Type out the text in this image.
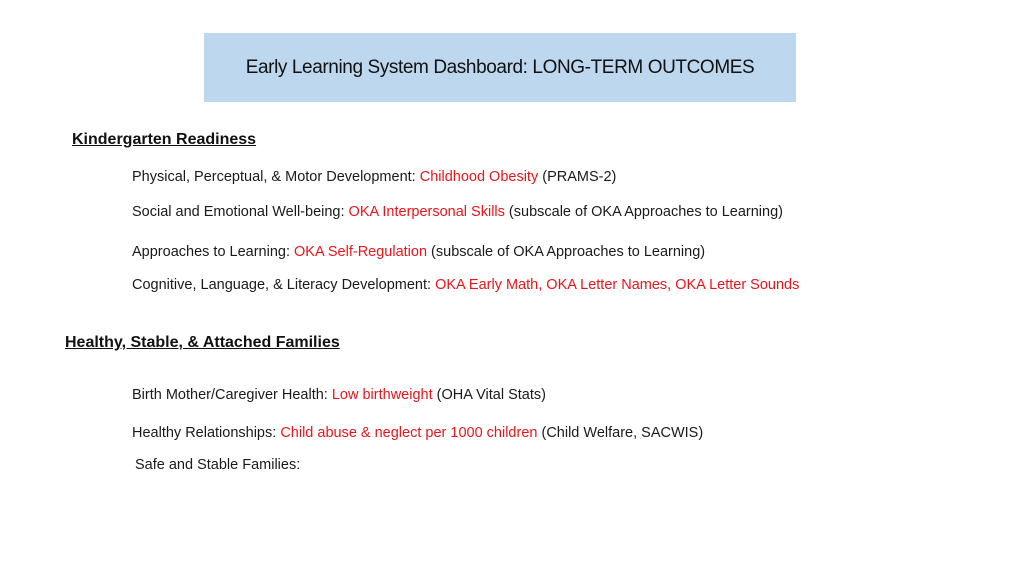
Early Learning System Dashboard: LONG-TERM OUTCOMES
Kindergarten Readiness
Physical, Perceptual, & Motor Development: Childhood Obesity (PRAMS-2)
Social and Emotional Well-being: OKA Interpersonal Skills (subscale of OKA Approaches to Learning)
Approaches to Learning: OKA Self-Regulation (subscale of OKA Approaches to Learning)
Cognitive, Language, & Literacy Development: OKA Early Math, OKA Letter Names, OKA Letter Sounds
Healthy, Stable, & Attached Families
Birth Mother/Caregiver Health: Low birthweight (OHA Vital Stats)
Healthy Relationships: Child abuse & neglect per 1000 children (Child Welfare, SACWIS)
Safe and Stable Families:
